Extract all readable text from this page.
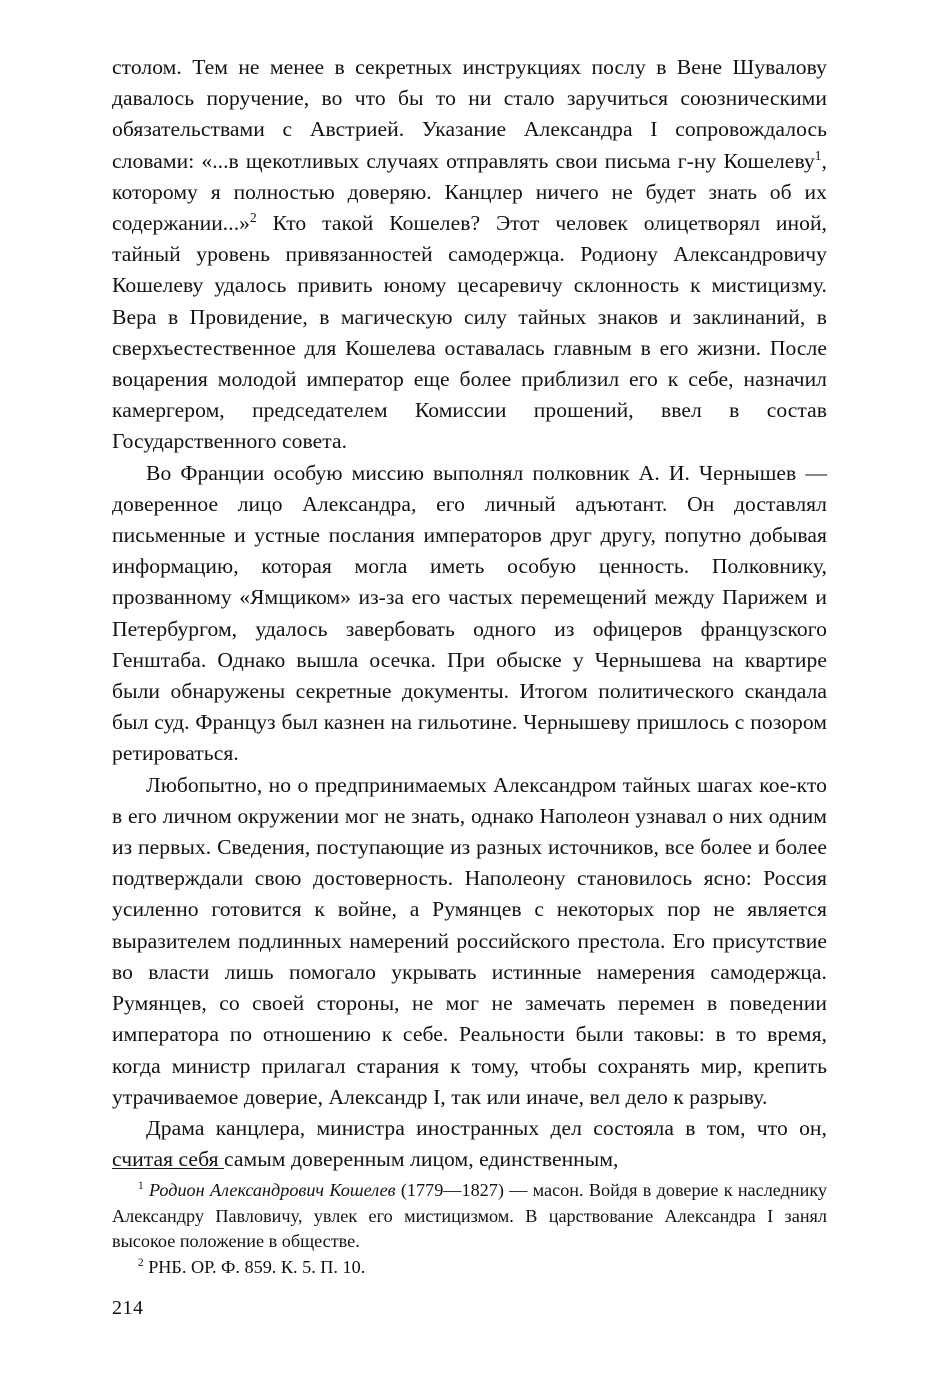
столом. Тем не менее в секретных инструкциях послу в Вене Шувалову давалось поручение, во что бы то ни стало заручиться союзническими обязательствами с Австрией. Указание Александра I сопровождалось словами: «...в щекотливых случаях отправлять свои письма г-ну Кошелеву$^1$, которому я полностью доверяю. Канцлер ничего не будет знать об их содержании...»$^2$ Кто такой Кошелев? Этот человек олицетворял иной, тайный уровень привязанностей самодержца. Родиону Александровичу Кошелеву удалось привить юному цесаревичу склонность к мистицизму. Вера в Провидение, в магическую силу тайных знаков и заклинаний, в сверхъестественное для Кошелева оставалась главным в его жизни. После воцарения молодой император еще более приблизил его к себе, назначил камергером, председателем Комиссии прошений, ввел в состав Государственного совета.

Во Франции особую миссию выполнял полковник А. И. Чернышев — доверенное лицо Александра, его личный адъютант. Он доставлял письменные и устные послания императоров друг другу, попутно добывая информацию, которая могла иметь особую ценность. Полковнику, прозванному «Ямщиком» из-за его частых перемещений между Парижем и Петербургом, удалось завербовать одного из офицеров французского Генштаба. Однако вышла осечка. При обыске у Чернышева на квартире были обнаружены секретные документы. Итогом политического скандала был суд. Француз был казнен на гильотине. Чернышеву пришлось с позором ретироваться.

Любопытно, но о предпринимаемых Александром тайных шагах кое-кто в его личном окружении мог не знать, однако Наполеон узнавал о них одним из первых. Сведения, поступающие из разных источников, все более и более подтверждали свою достоверность. Наполеону становилось ясно: Россия усиленно готовится к войне, а Румянцев с некоторых пор не является выразителем подлинных намерений российского престола. Его присутствие во власти лишь помогало укрывать истинные намерения самодержца. Румянцев, со своей стороны, не мог не замечать перемен в поведении императора по отношению к себе. Реальности были таковы: в то время, когда министр прилагал старания к тому, чтобы сохранять мир, крепить утрачиваемое доверие, Александр I, так или иначе, вел дело к разрыву.

Драма канцлера, министра иностранных дел состояла в том, что он, считая себя самым доверенным лицом, единственным,

$^1$ Родион Александрович Кошелев (1779—1827) — масон. Войдя в доверие к наследнику Александру Павловичу, увлек его мистицизмом. В царствование Александра I занял высокое положение в обществе.

$^2$ РНБ. ОР. Ф. 859. К. 5. П. 10.

214
